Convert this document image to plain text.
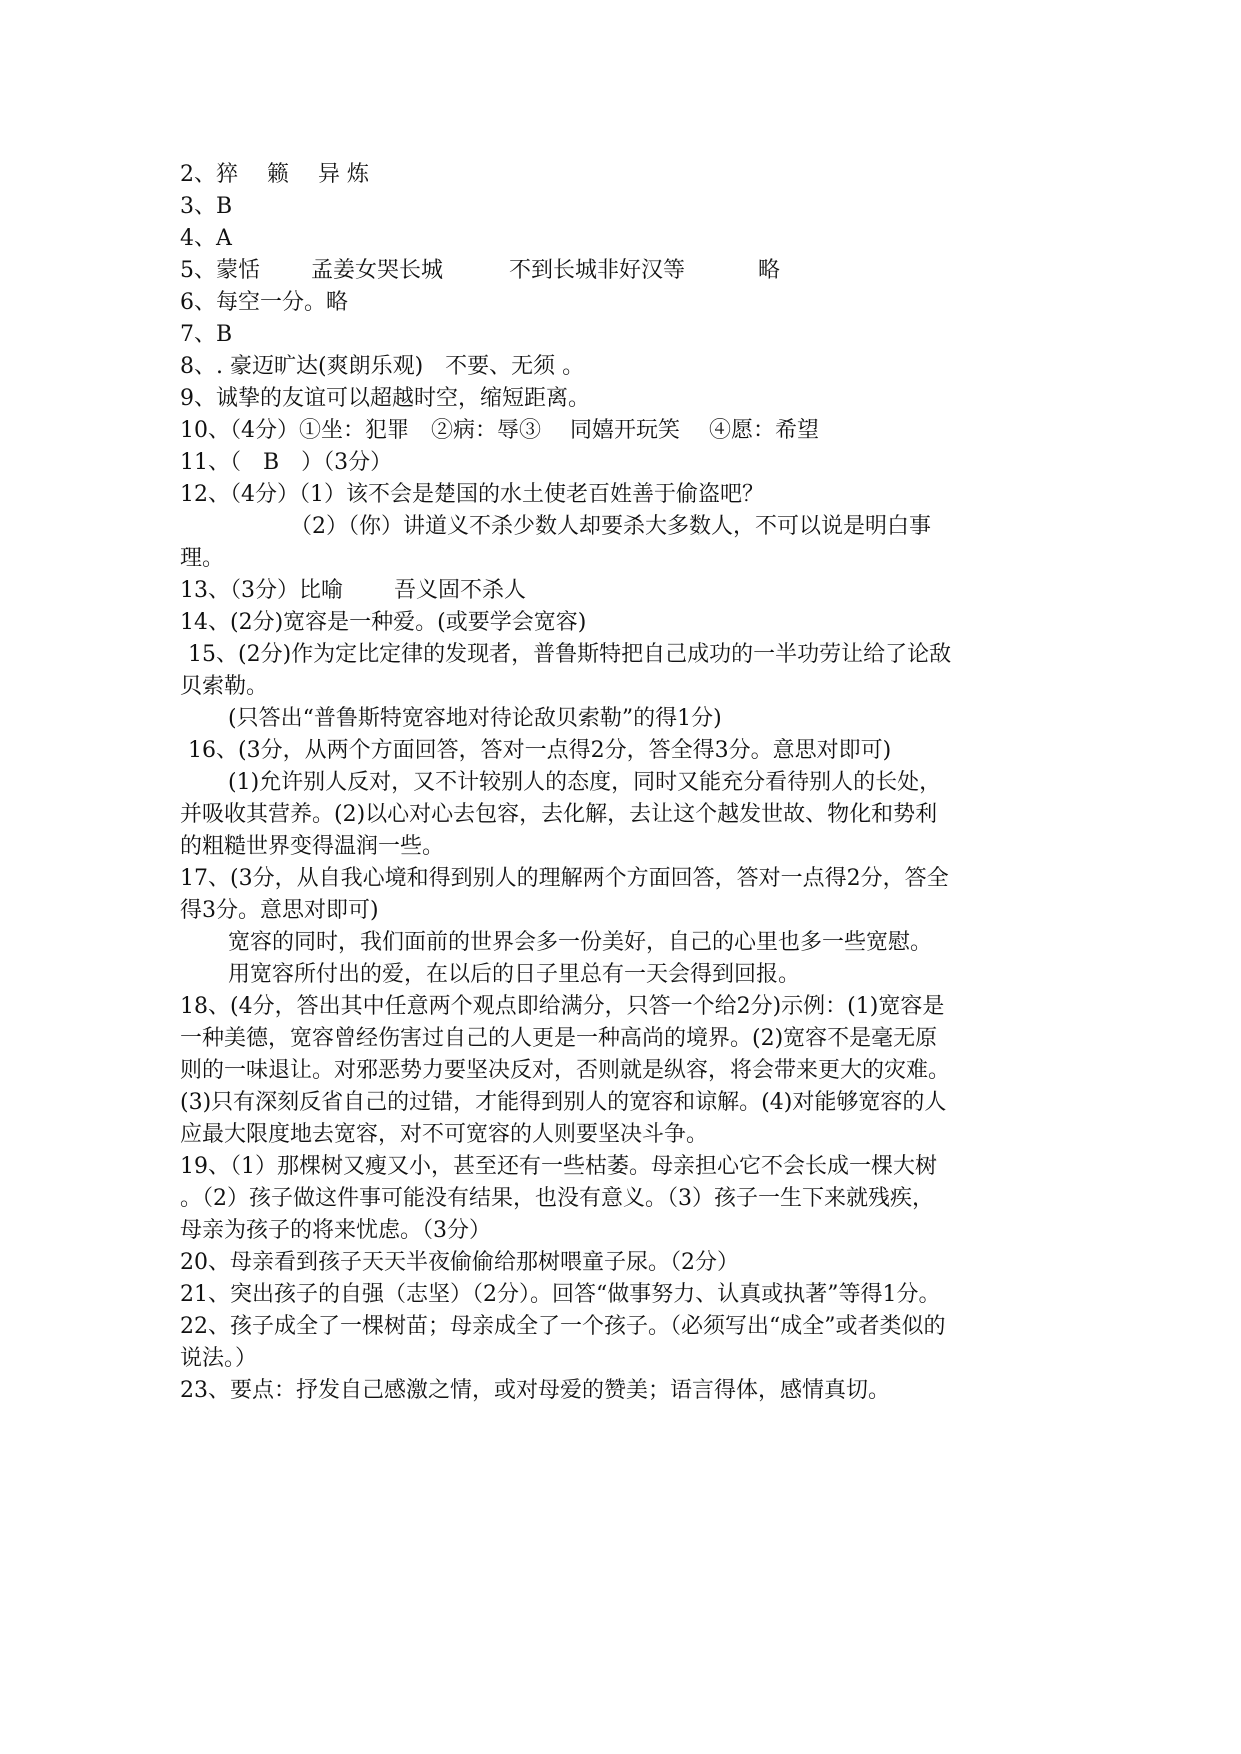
2、猝　 籁　 异 炼
3、B
4、A
5、蒙恬　　 孟姜女哭长城　　　不到长城非好汉等　　　 略
6、每空一分。略
7、B
8、. 豪迈旷达(爽朗乐观)　不要、无须 。
9、诚挚的友谊可以超越时空，缩短距离。
10、（4分）①坐：犯罪　②病：辱③　 同嬉开玩笑　 ④愿：希望
11、（　B　）（3分）
12、（4分）（1）该不会是楚国的水土使老百姓善于偷盗吧？
（2）（你）讲道义不杀少数人却要杀大多数人，不可以说是明白事
理。
13、（3分）比喻　　 吾义固不杀人
14、(2分)宽容是一种爱。(或要学会宽容)
15、(2分)作为定比定律的发现者，普鲁斯特把自己成功的一半功劳让给了论敌
贝索勒。
(只答出“普鲁斯特宽容地对待论敌贝索勒”的得1分)
16、(3分，从两个方面回答，答对一点得2分，答全得3分。意思对即可)
(1)允许别人反对，又不计较别人的态度，同时又能充分看待别人的长处，
并吸收其营养。(2)以心对心去包容，去化解，去让这个越发世故、物化和势利
的粗糙世界变得温润一些。
17、(3分，从自我心境和得到别人的理解两个方面回答，答对一点得2分，答全
得3分。意思对即可)
宽容的同时，我们面前的世界会多一份美好，自己的心里也多一些宽慰。
用宽容所付出的爱，在以后的日子里总有一天会得到回报。
18、(4分，答出其中任意两个观点即给满分，只答一个给2分)示例：(1)宽容是
一种美德，宽容曾经伤害过自己的人更是一种高尚的境界。(2)宽容不是毫无原
则的一味退让。对邪恶势力要坚决反对，否则就是纵容，将会带来更大的灾难。
(3)只有深刻反省自己的过错，才能得到别人的宽容和谅解。(4)对能够宽容的人
应最大限度地去宽容，对不可宽容的人则要坚决斗争。
19、（1）那棵树又瘦又小，甚至还有一些枯萎。母亲担心它不会长成一棵大树
。（2）孩子做这件事可能没有结果，也没有意义。（3）孩子一生下来就残疾，
母亲为孩子的将来忧虑。（3分）
20、母亲看到孩子天天半夜偷偷给那树喂童子尿。（2分）
21、突出孩子的自强（志坚）（2分）。回答“做事努力、认真或执著”等得1分。
22、孩子成全了一棵树苗；母亲成全了一个孩子。（必须写出“成全”或者类似的
说法。）
23、要点：抒发自己感激之情，或对母爱的赞美；语言得体，感情真切。
